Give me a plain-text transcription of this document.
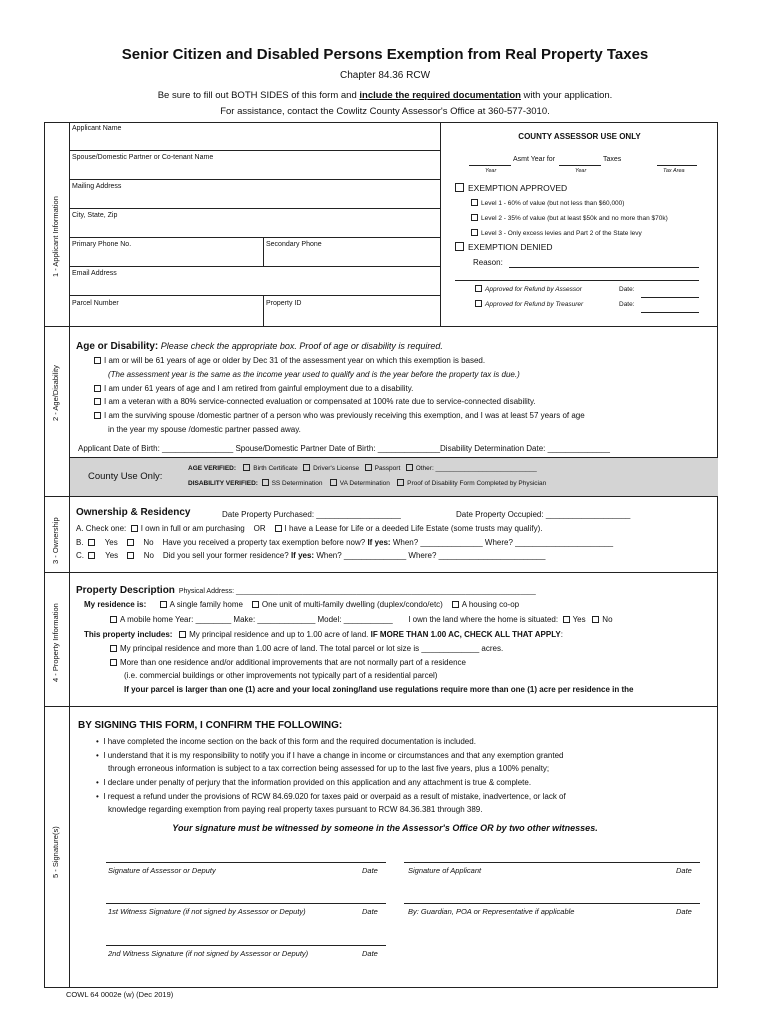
Senior Citizen and Disabled Persons Exemption from Real Property Taxes
Chapter 84.36 RCW
Be sure to fill out BOTH SIDES of this form and include the required documentation with your application.
For assistance, contact the Cowlitz County Assessor's Office at 360-577-3010.
1 - Applicant Information
Applicant Name
Spouse/Domestic Partner or Co-tenant Name
Mailing Address
City, State, Zip
Primary Phone No.	Secondary Phone
Email Address
Parcel Number	Property ID
COUNTY ASSESSOR USE ONLY
Asmt Year for	Taxes
Year	Year	Tax Area
EXEMPTION APPROVED
Level 1 - 60% of value (but not less than $60,000)
Level 2 - 35% of value (but at least $50k and no more than $70k)
Level 3 - Only excess levies and Part 2 of the State levy
EXEMPTION DENIED
Reason:
Approved for Refund by Assessor	Date:
Approved for Refund by Treasurer	Date:
2 - Age/Disability
Age or Disability: Please check the appropriate box. Proof of age or disability is required.
I am or will be 61 years of age or older by Dec 31 of the assessment year on which this exemption is based.
(The assessment year is the same as the income year used to qualify and is the year before the property tax is due.)
I am under 61 years of age and I am retired from gainful employment due to a disability.
I am a veteran with a 80% service-connected evaluation or compensated at 100% rate due to service-connected disability.
I am the surviving spouse /domestic partner of a person who was previously receiving this exemption, and I was at least 57 years of age
in the year my spouse /domestic partner passed away.
Applicant Date of Birth: ________________ Spouse/Domestic Partner Date of Birth: ______________Disability Determination Date: ______________
County Use Only:
AGE VERIFIED:	Birth Certificate Driver's License Passport Other: ____________________________
DISABILITY VERIFIED: SS Determination	VA Determination	Proof of Disability Form Completed by Physician
3 - Ownership
Ownership & Residency	Date Property Purchased: ___________________	Date Property Occupied: ___________________
A. Check one: I own in full or am purchasing OR I have a Lease for Life or a deeded Life Estate (some trusts may qualify).
B.	Yes	No Have you received a property tax exemption before now? If yes: When? ______________ Where? ______________________
C.	Yes	No Did you sell your former residence? If yes: When? ______________ Where? ________________________
4 - Property Information
Property Description Physical Address: _____________________________________________________________________________
My residence is:	A single family home One unit of multi-family dwelling (duplex/condo/etc) A housing co-op
A mobile home Year: ________ Make: _____________ Model: ___________ I own the land where the home is situated: Yes No
This property includes: My principal residence and up to 1.00 acre of land. IF MORE THAN 1.00 AC, CHECK ALL THAT APPLY:
My principal residence and more than 1.00 acre of land. The total parcel or lot size is _____________ acres.
More than one residence and/or additional improvements that are not normally part of a residence
(i.e. commercial buildings or other improvements not typically part of a residential parcel)
If your parcel is larger than one (1) acre and your local zoning/land use regulations require more than one (1) acre per residence in the
5 - Signature(s)
BY SIGNING THIS FORM, I CONFIRM THE FOLLOWING:
•  I have completed the income section on the back of this form and the required documentation is included.
•  I understand that it is my responsibility to notify you if I have a change in income or circumstances and that any exemption granted
through erroneous information is subject to a tax correction being assessed for up to the last five years, plus a 100% penalty;
•  I declare under penalty of perjury that the information provided on this application and any attachment is true & complete.
•  I request a refund under the provisions of RCW 84.69.020 for taxes paid or overpaid as a result of mistake, inadvertence, or lack of
knowledge regarding exemption from paying real property taxes pursuant to RCW 84.36.381 through 389.
Your signature must be witnessed by someone in the Assessor's Office OR by two other witnesses.
Signature of Assessor or Deputy	Date	Signature of Applicant	Date
1st Witness Signature (if not signed by Assessor or Deputy)	Date	By: Guardian, POA or Representative if applicable	Date
2nd Witness Signature (if not signed by Assessor or Deputy)	Date
COWL 64 0002e (w) (Dec 2019)
